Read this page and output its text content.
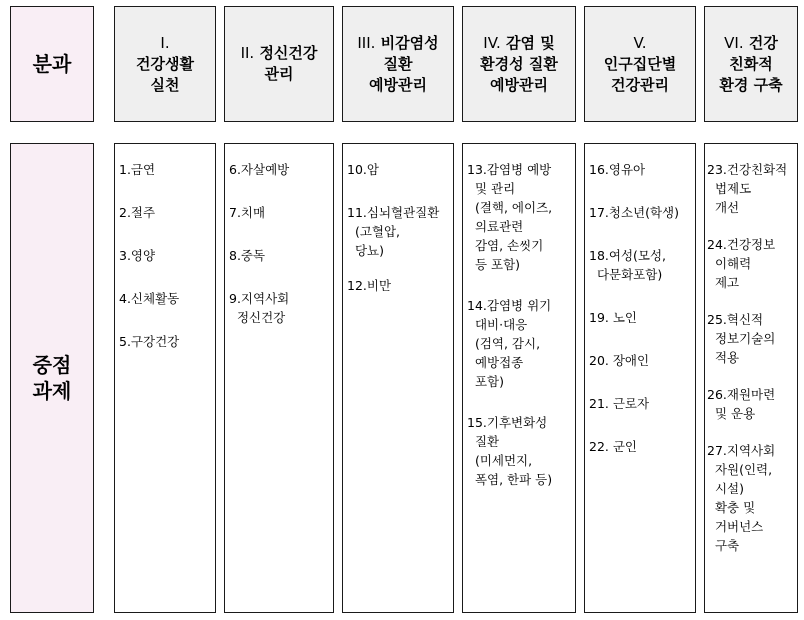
분과
중점
과제
I.
건강생활
실천
II. 정신건강
관리
III. 비감염성
질환
예방관리
IV. 감염 및
환경성 질환
예방관리
V.
인구집단별
건강관리
VI. 건강
친화적
환경 구축
1.금연
2.절주
3.영양
4.신체활동
5.구강건강
6.자살예방
7.치매
8.중독
9.지역사회
정신건강
10.암
11.심뇌혈관질환
(고혈압,
당뇨)
12.비만
13.감염병 예방
및 관리
(결핵, 에이즈,
의료관련
감염, 손씻기
등 포함)
14.감염병 위기
대비·대응
(검역, 감시,
예방접종
포함)
15.기후변화성
질환
(미세먼지,
폭염, 한파 등)
16.영유아
17.청소년(학생)
18.여성(모성,
다문화포함)
19. 노인
20. 장애인
21. 근로자
22. 군인
23.건강친화적
법제도
개선
24.건강정보
이해력
제고
25.혁신적
정보기술의
적용
26.재원마련
및 운용
27.지역사회
자원(인력,
시설)
확충 및
거버넌스
구축
